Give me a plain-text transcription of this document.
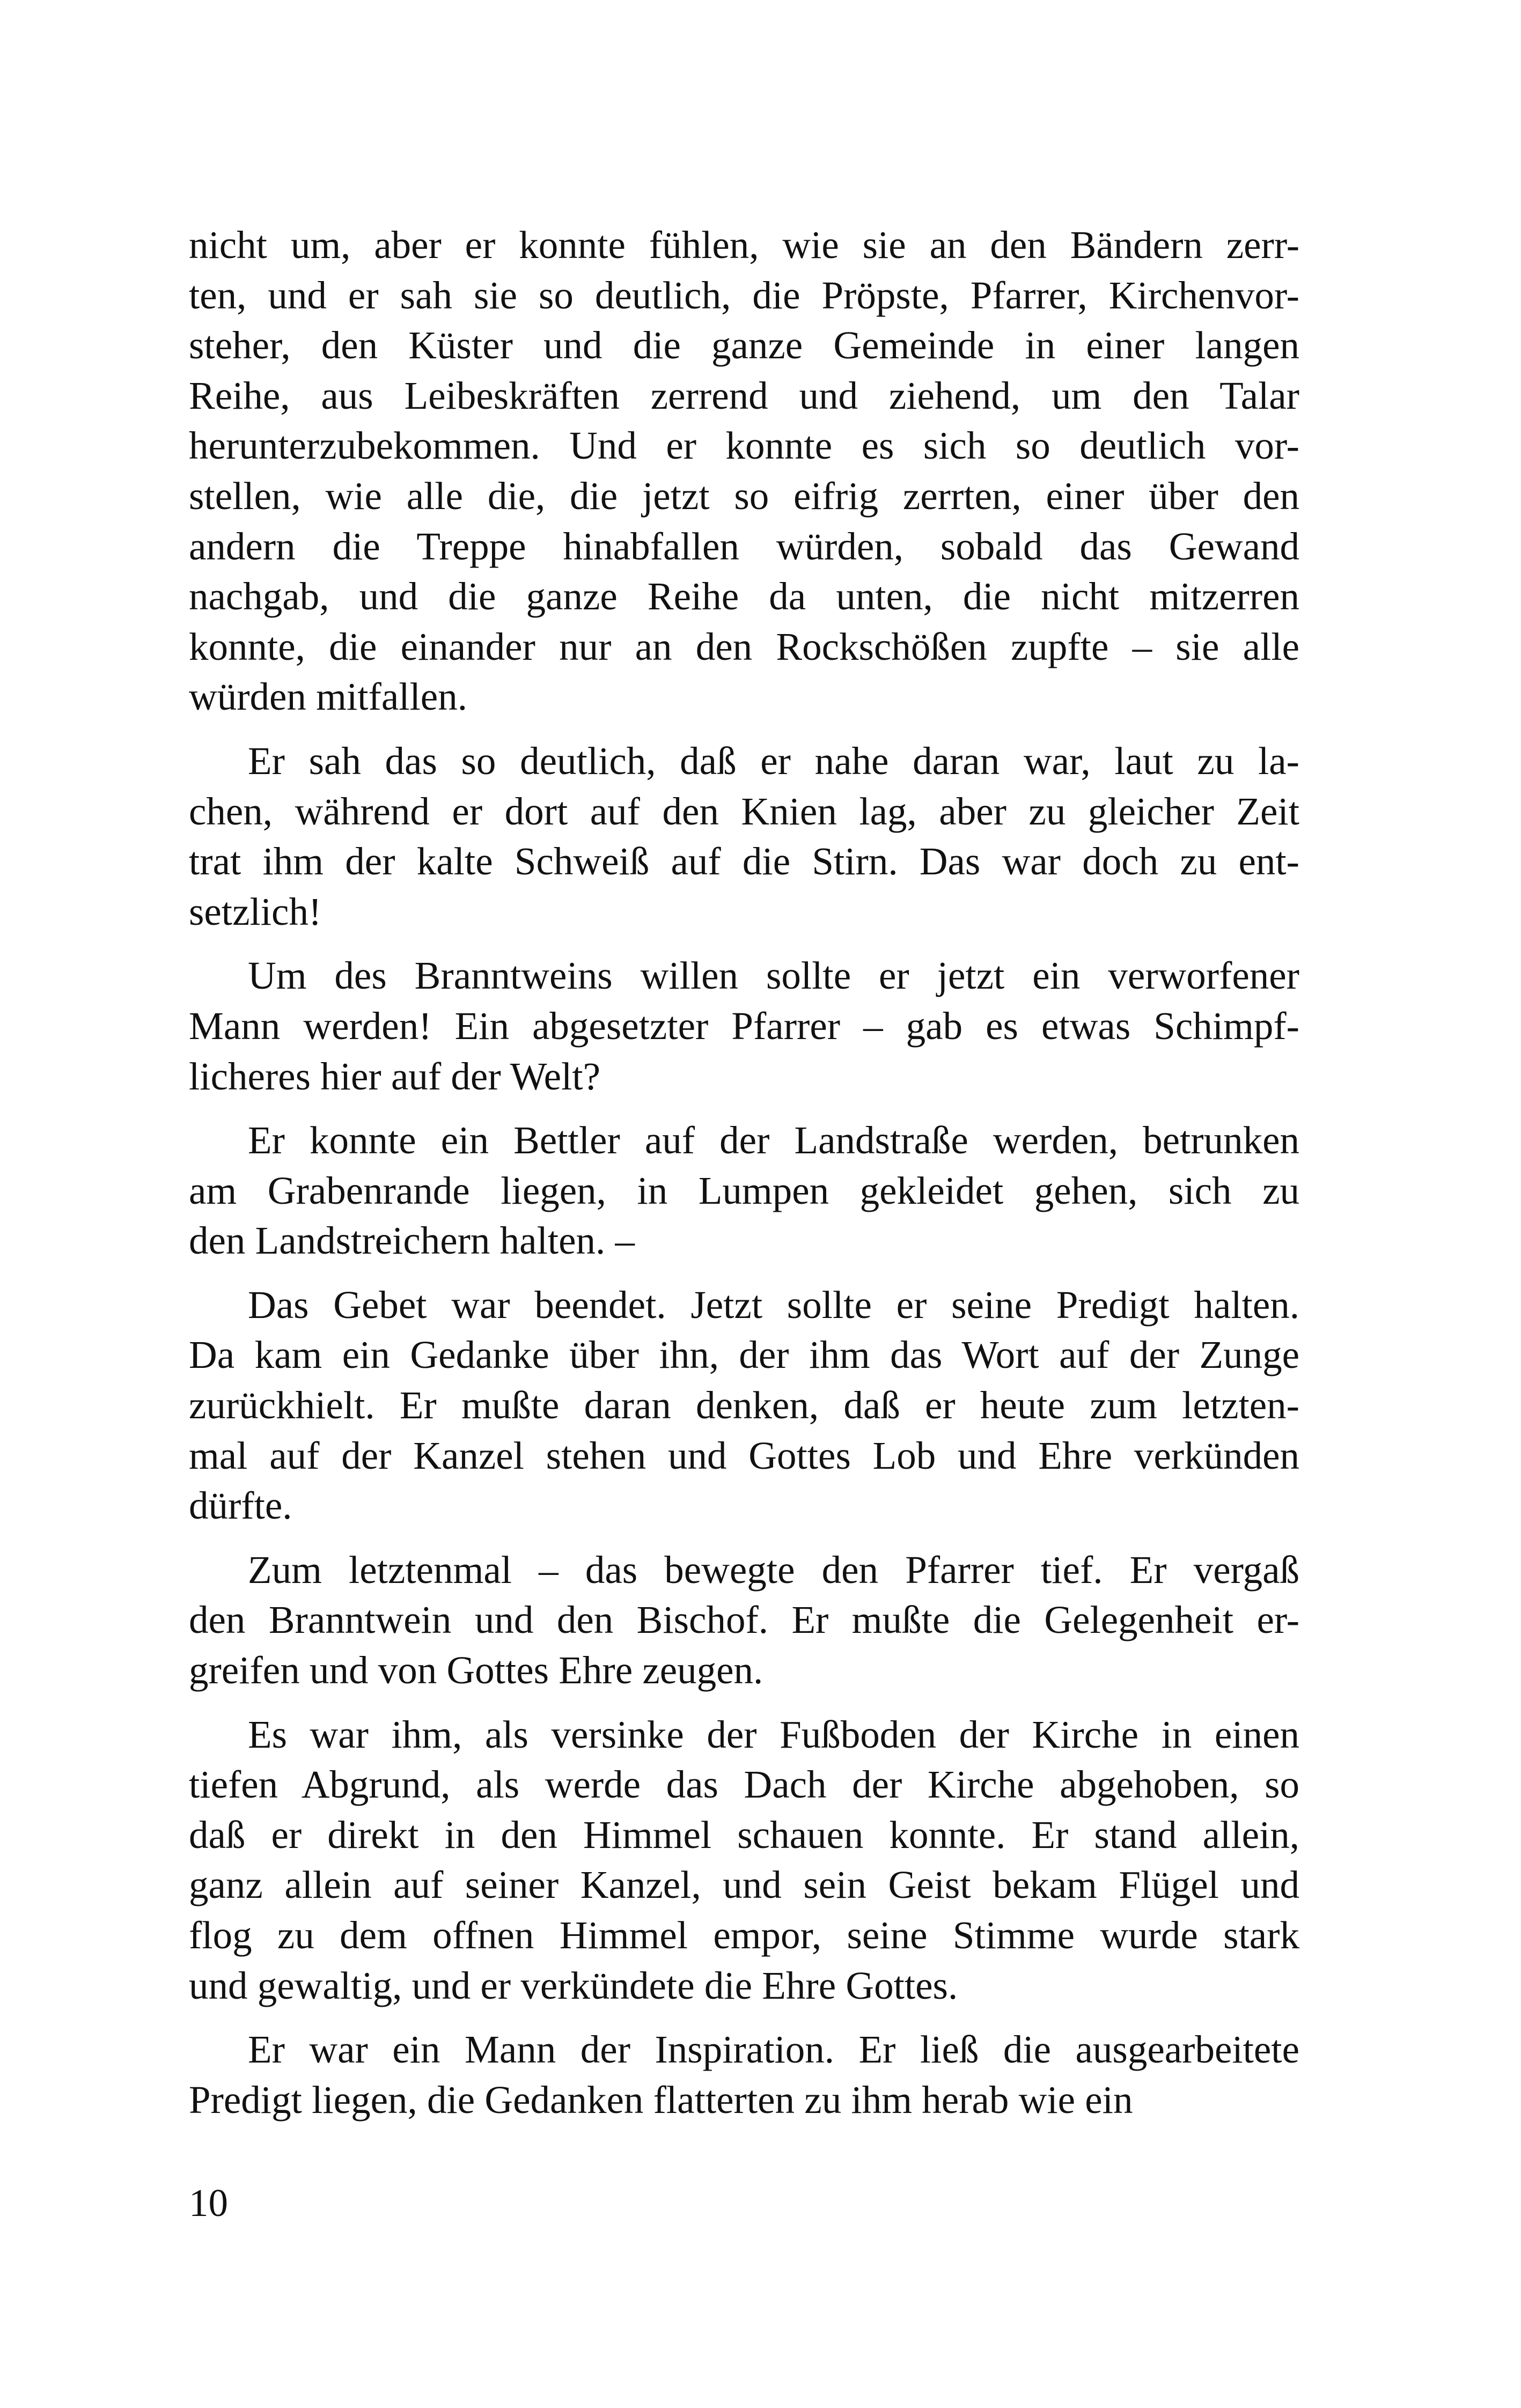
nicht um, aber er konnte fühlen, wie sie an den Bändern zerr-
ten, und er sah sie so deutlich, die Pröpste, Pfarrer, Kirchenvor-
steher, den Küster und die ganze Gemeinde in einer langen
Reihe, aus Leibeskräften zerrend und ziehend, um den Talar
herunterzubekommen. Und er konnte es sich so deutlich vor-
stellen, wie alle die, die jetzt so eifrig zerrten, einer über den
andern die Treppe hinabfallen würden, sobald das Gewand
nachgab, und die ganze Reihe da unten, die nicht mitzerren
konnte, die einander nur an den Rockschößen zupfte – sie alle
würden mitfallen.

Er sah das so deutlich, daß er nahe daran war, laut zu la-
chen, während er dort auf den Knien lag, aber zu gleicher Zeit
trat ihm der kalte Schweiß auf die Stirn. Das war doch zu ent-
setzlich!

Um des Branntweins willen sollte er jetzt ein verworfener
Mann werden! Ein abgesetzter Pfarrer – gab es etwas Schimpf-
licheres hier auf der Welt?

Er konnte ein Bettler auf der Landstraße werden, betrunken
am Grabenrande liegen, in Lumpen gekleidet gehen, sich zu
den Landstreichern halten. –

Das Gebet war beendet. Jetzt sollte er seine Predigt halten.
Da kam ein Gedanke über ihn, der ihm das Wort auf der Zunge
zurückhielt. Er mußte daran denken, daß er heute zum letzten-
mal auf der Kanzel stehen und Gottes Lob und Ehre verkünden
dürfte.

Zum letztenmal – das bewegte den Pfarrer tief. Er vergaß
den Branntwein und den Bischof. Er mußte die Gelegenheit er-
greifen und von Gottes Ehre zeugen.

Es war ihm, als versinke der Fußboden der Kirche in einen
tiefen Abgrund, als werde das Dach der Kirche abgehoben, so
daß er direkt in den Himmel schauen konnte. Er stand allein,
ganz allein auf seiner Kanzel, und sein Geist bekam Flügel und
flog zu dem offnen Himmel empor, seine Stimme wurde stark
und gewaltig, und er verkündete die Ehre Gottes.

Er war ein Mann der Inspiration. Er ließ die ausgearbeitete
Predigt liegen, die Gedanken flatterten zu ihm herab wie ein

10
